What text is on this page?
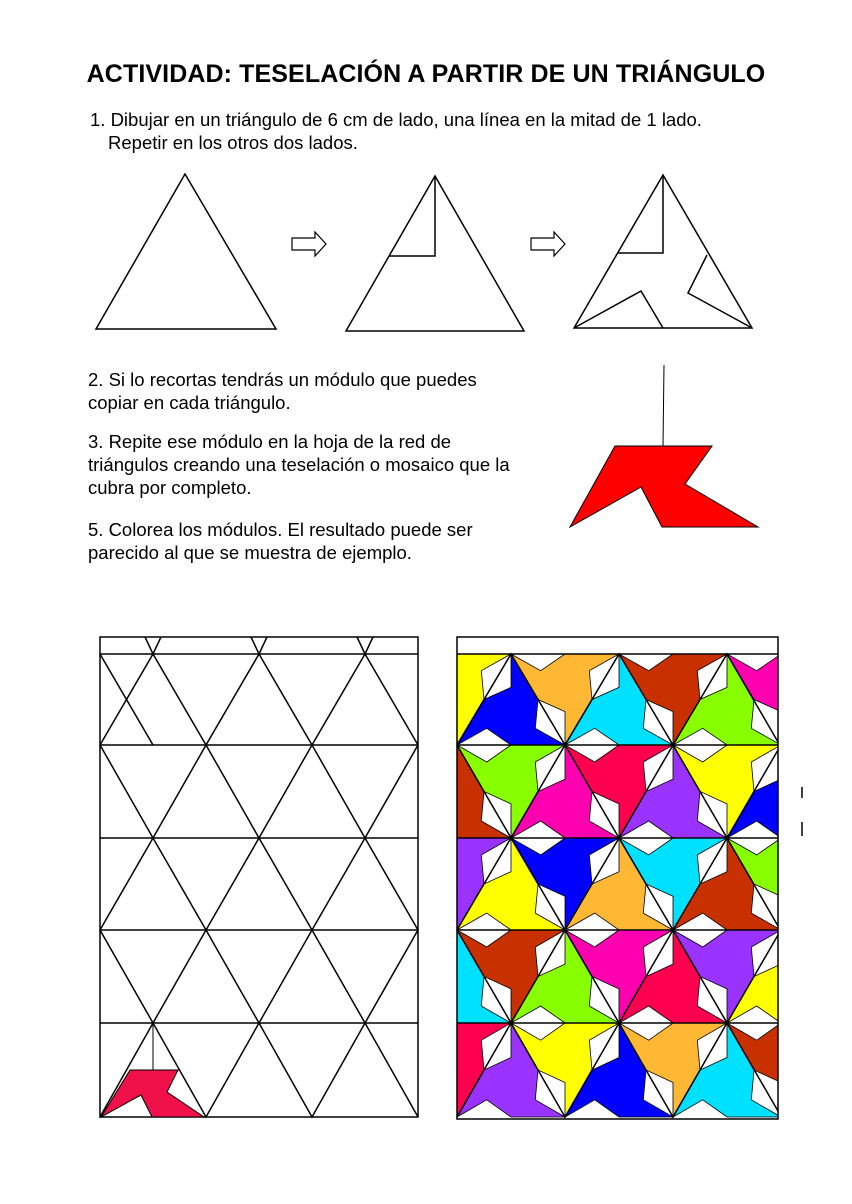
ACTIVIDAD: TESELACIÓN A PARTIR DE UN TRIÁNGULO
1. Dibujar en un triángulo de 6 cm de lado, una línea en la mitad de 1 lado.
Repetir en los otros dos lados.
2. Si lo recortas tendrás un módulo que puedes copiar en cada triángulo.
3. Repite ese módulo en la hoja de la red de triángulos creando una teselación o mosaico que la cubra por completo.
5. Colorea los módulos. El resultado puede ser parecido al que se muestra de ejemplo.
